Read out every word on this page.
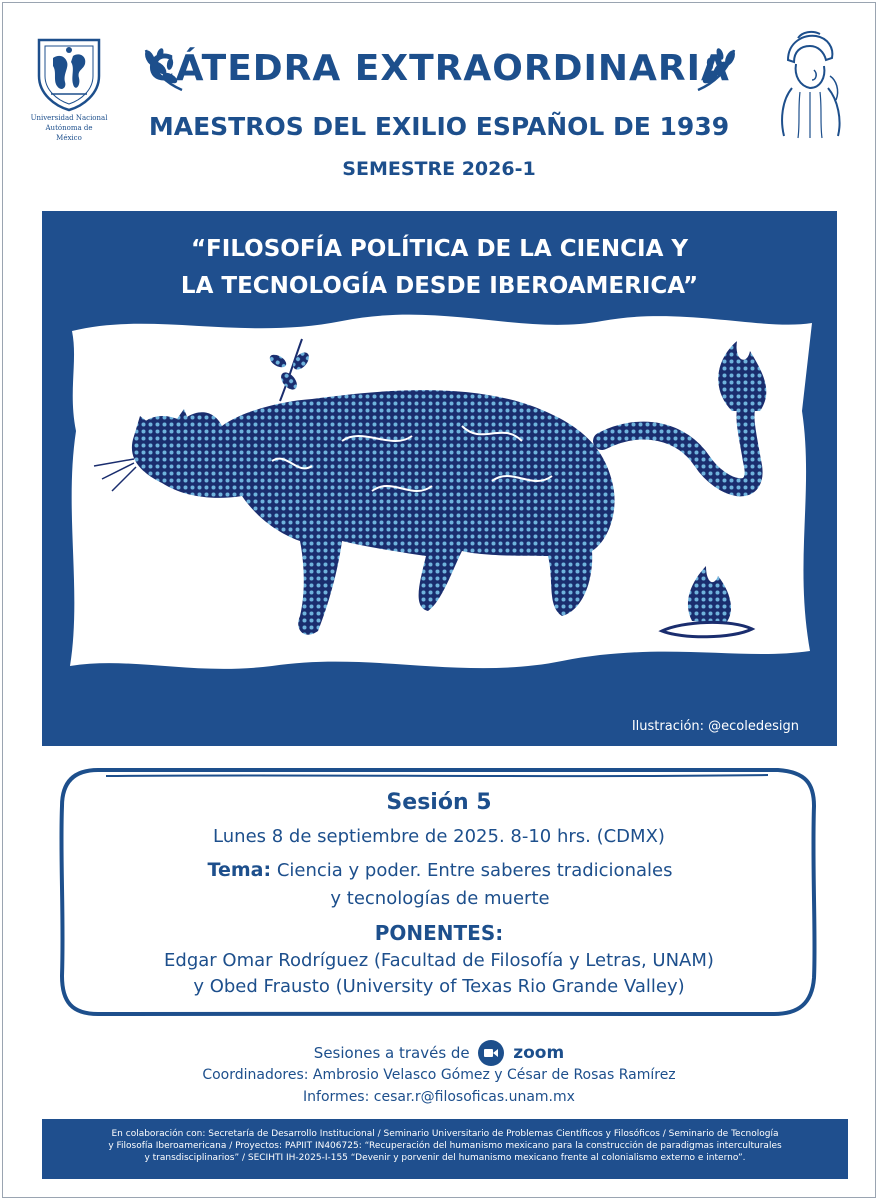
Universidad Nacional
Autónoma de
México
CÁTEDRA EXTRAORDINARIA
MAESTROS DEL EXILIO ESPAÑOL DE 1939
SEMESTRE 2026-1
“FILOSOFÍA POLÍTICA DE LA CIENCIA Y
LA TECNOLOGÍA DESDE IBEROAMERICA”
Ilustración: @ecoledesign
Sesión 5
Lunes 8 de septiembre de 2025. 8-10 hrs. (CDMX)
Tema: Ciencia y poder. Entre saberes tradicionales
y tecnologías de muerte
PONENTES:
Edgar Omar Rodríguez (Facultad de Filosofía y Letras, UNAM)
y Obed Frausto (University of Texas Rio Grande Valley)
Sesiones a través de	zoom
Coordinadores: Ambrosio Velasco Gómez y César de Rosas Ramírez
Informes: cesar.r@filosoficas.unam.mx
En colaboración con: Secretaría de Desarrollo Institucional / Seminario Universitario de Problemas Científicos y Filosóficos / Seminario de Tecnología
y Filosofía Iberoamericana / Proyectos: PAPIIT IN406725: “Recuperación del humanismo mexicano para la construcción de paradigmas interculturales
y transdisciplinarios” / SECIHTI IH-2025-I-155 “Devenir y porvenir del humanismo mexicano frente al colonialismo externo e interno”.
